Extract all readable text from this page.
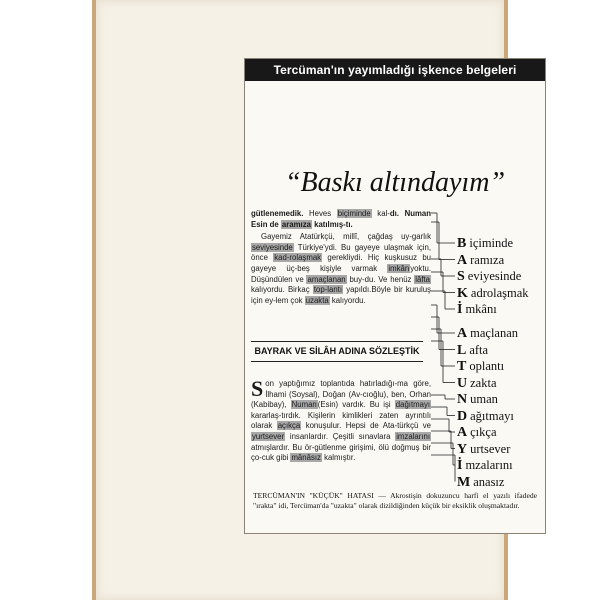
Tercüman'ın yayımladığı işkence belgeleri
“Baskı altındayım”

gütlenemedik. Heves biçiminde kal-dı. Numan Esin de aramıza katılmış-tı.

Gayemiz Atatürkçü, millî, çağdaş uy-garlık seviyesinde Türkiye'ydi. Bu gayeye ulaşmak için, önce kad-rolaşmak gerekliydi. Hiç kuşkusuz bu gayeye üç-beş kişiyle varmak imkânyoktu. Düşündülen ve amaçlanan buy-du. Ve henüz lâfta kalıyordu. Birkaç top-lantı yapıldı.Böyle bir kuruluş için ey-lem çok uzakta kalıyordu.

BAYRAK VE SİLÂH ADINA SÖZLEŞTİK

S on yaptığımız toplantıda hatırladığı-ma göre, İlhami (Soysal), Doğan (Av-cıoğlu), ben, Orhan (Kabibay), Numan(Esin) vardık. Bu işi dağıtmayı kararlaş-tırdık. Kişilerin kimlikleri zaten ayrıntılı olarak açıkça konuşulur. Hepsi de Ata-türkçü ve yurtsever insanlardır. Çeşitli sınavlara imzalarını atmışlardır. Bu ör-gütlenme girişimi, ölü doğmuş bir ço-cuk gibi mânâsız kalmıştır.

B içiminde
A ramıza
S eviyesinde
K adrolaşmak
İ mkânı
A maçlanan
L afta
T oplantı
U zakta
N uman
D ağıtmayı
A çıkça
Y urtsever
İ mzalarını
M anasız
TERCÜMAN'IN "KÜÇÜK" HATASI — Akrostişin dokuzuncu harfi el yazılı ifadede "ırakta" idi, Tercüman'da "uzakta" olarak dizildiğinden küçük bir eksiklik oluşmaktadır.
